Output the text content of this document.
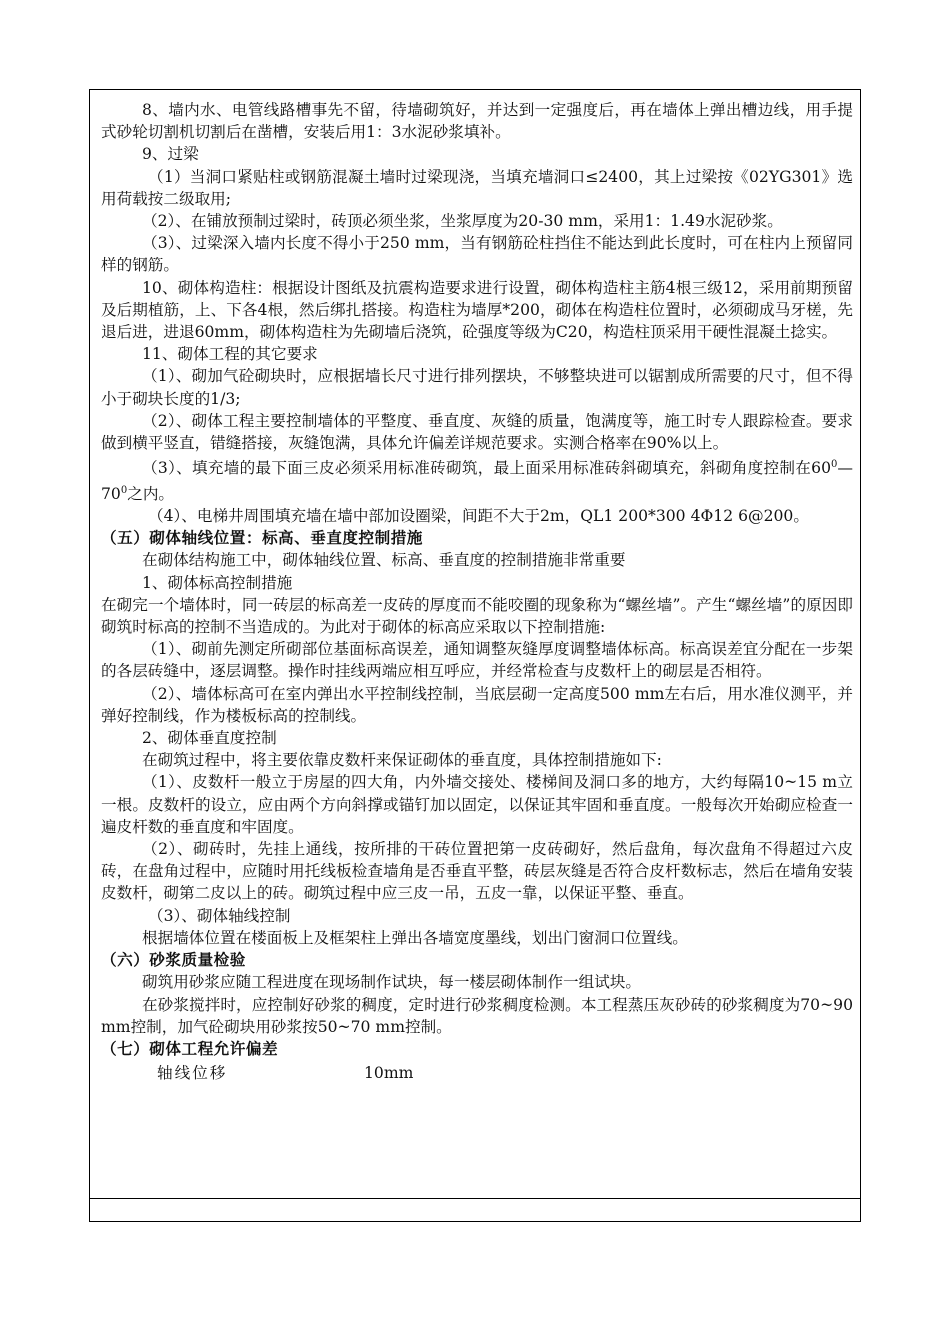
8、墙内水、电管线路槽事先不留，待墙砌筑好，并达到一定强度后，再在墙体上弹出槽边线，用手提式砂轮切割机切割后在凿槽，安装后用1：3水泥砂浆填补。

9、过梁

（1）当洞口紧贴柱或钢筋混凝土墙时过梁现浇，当填充墙洞口≤2400，其上过梁按《02YG301》选用荷载按二级取用;

（2）、在铺放预制过梁时，砖顶必须坐浆，坐浆厚度为20-30 mm，采用1：1.49水泥砂浆。

（3）、过梁深入墙内长度不得小于250 mm，当有钢筋砼柱挡住不能达到此长度时，可在柱内上预留同样的钢筋。

10、砌体构造柱：根据设计图纸及抗震构造要求进行设置，砌体构造柱主筋4根三级12，采用前期预留及后期植筋，上、下各4根，然后绑扎搭接。构造柱为墙厚*200，砌体在构造柱位置时，必须砌成马牙槎，先退后进，进退60mm，砌体构造柱为先砌墙后浇筑，砼强度等级为C20，构造柱顶采用干硬性混凝土捻实。

11、砌体工程的其它要求

（1）、砌加气砼砌块时，应根据墙长尺寸进行排列摆块，不够整块进可以锯割成所需要的尺寸，但不得小于砌块长度的1/3;

（2）、砌体工程主要控制墙体的平整度、垂直度、灰缝的质量，饱满度等，施工时专人跟踪检查。要求做到横平竖直，错缝搭接，灰缝饱满，具体允许偏差详规范要求。实测合格率在90%以上。

（3）、填充墙的最下面三皮必须采用标准砖砌筑，最上面采用标准砖斜砌填充，斜砌角度控制在$60^0—70^0$之内。

（4）、电梯井周围填充墙在墙中部加设圈梁，间距不大于2m，QL1 200*300 4Φ12 6@200。

（五）砌体轴线位置：标高、垂直度控制措施

在砌体结构施工中，砌体轴线位置、标高、垂直度的控制措施非常重要

1、砌体标高控制措施

在砌完一个墙体时，同一砖层的标高差一皮砖的厚度而不能咬圈的现象称为“螺丝墙”。产生“螺丝墙”的原因即砌筑时标高的控制不当造成的。为此对于砌体的标高应采取以下控制措施:

（1）、砌前先测定所砌部位基面标高误差，通知调整灰缝厚度调整墙体标高。标高误差宜分配在一步架的各层砖缝中，逐层调整。操作时挂线两端应相互呼应，并经常检查与皮数杆上的砌层是否相符。

（2）、墙体标高可在室内弹出水平控制线控制，当底层砌一定高度500 mm左右后，用水准仪测平，并弹好控制线，作为楼板标高的控制线。

2、砌体垂直度控制

在砌筑过程中，将主要依靠皮数杆来保证砌体的垂直度，具体控制措施如下:

（1）、皮数杆一般立于房屋的四大角，内外墙交接处、楼梯间及洞口多的地方，大约每隔10~15 m立一根。皮数杆的设立，应由两个方向斜撑或锚钉加以固定，以保证其牢固和垂直度。一般每次开始砌应检查一遍皮杆数的垂直度和牢固度。

（2）、砌砖时，先挂上通线，按所排的干砖位置把第一皮砖砌好，然后盘角，每次盘角不得超过六皮砖，在盘角过程中，应随时用托线板检查墙角是否垂直平整，砖层灰缝是否符合皮杆数标志，然后在墙角安装皮数杆，砌第二皮以上的砖。砌筑过程中应三皮一吊，五皮一靠，以保证平整、垂直。

（3）、砌体轴线控制

根据墙体位置在楼面板上及框架柱上弹出各墙宽度墨线，划出门窗洞口位置线。

（六）砂浆质量检验

砌筑用砂浆应随工程进度在现场制作试块，每一楼层砌体制作一组试块。

在砂浆搅拌时，应控制好砂浆的稠度，定时进行砂浆稠度检测。本工程蒸压灰砂砖的砂浆稠度为70~90 mm控制，加气砼砌块用砂浆按50~70 mm控制。

（七）砌体工程允许偏差

轴线位移	10mm
